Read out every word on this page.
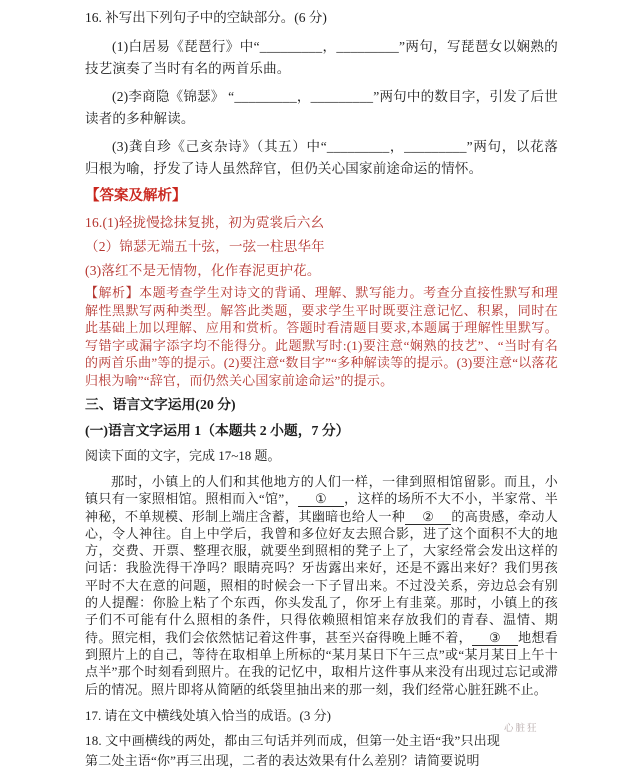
16. 补写出下列句子中的空缺部分。(6 分)

(1)白居易《琵琶行》中“_________，_________”两句，写琵琶女以娴熟的技艺演奏了当时有名的两首乐曲。

(2)李商隐《锦瑟》 “_________，_________”两句中的数目字，引发了后世读者的多种解读。

(3)龚自珍《己亥杂诗》（其五）中“_________，_________”两句，以花落归根为喻，抒发了诗人虽然辞官，但仍关心国家前途命运的情怀。

【答案及解析】

16.(1)轻拢慢捻抹复挑，初为霓裳后六幺

（2）锦瑟无端五十弦，一弦一柱思华年

(3)落红不是无情物，化作春泥更护花。

【解析】本题考查学生对诗文的背诵、理解、默写能力。考查分直接性默写和理解性黑默写两种类型。解答此类题，要求学生平时既要注意记忆、积累，同时在此基础上加以理解、应用和赏析。答题时看清题目要求,本题属于理解性里默写。写错字或漏字添字均不能得分。此题默写时:(1)要注意“娴熟的技艺”、“当时有名的两首乐曲”等的提示。(2)要注意“数目字”“多种解读等的提示。(3)要注意“以落花归根为喻”“辞官，而仍然关心国家前途命运”的提示。

三、语言文字运用(20 分)

(一)语言文字运用 1（本题共 2 小题，7 分）

阅读下面的文字，完成 17~18 题。

那时，小镇上的人们和其他地方的人们一样，一律到照相馆留影。而且，小镇只有一家照相馆。照相而入“馆”， ① ，这样的场所不大不小，半家常、半神秘，不单规模、形制上端庄含蓄，其幽暗也给人一种 ② 的高贵感，牵动人心，令人神往。自上中学后，我曾和多位好友去照合影，进了这个面积不大的地方，交费、开票、整理衣服，就要坐到照相的凳子上了，大家经常会发出这样的问话：我脸洗得干净吗？眼睛亮吗？牙齿露出来好，还是不露出来好？我们男孩平时不大在意的问题，照相的时候会一下子冒出来。不过没关系，旁边总会有别的人提醒：你脸上粘了个东西，你头发乱了，你牙上有韭菜。那时，小镇上的孩子们不可能有什么照相的条件，只得依赖照相馆来存放我们的青春、温情、期待。照完相，我们会依然惦记着这件事，甚至兴奋得晚上睡不着， ③ 地想看到照片上的自己，等待在取相单上所标的“某月某日下午三点”或“某月某日上午十点半”那个时刻看到照片。在我的记忆中，取相片这件事从来没有出现过忘记或滞后的情况。照片即将从简陋的纸袋里抽出来的那一刻，我们经常心脏狂跳不止。

17. 请在文中横线处填入恰当的成语。(3 分)

18. 文中画横线的两处，都由三句话并列而成，但第一处主语“我”只出现

第二处主语“你”再三出现，二者的表达效果有什么差别？请简要说明

心脏狂
